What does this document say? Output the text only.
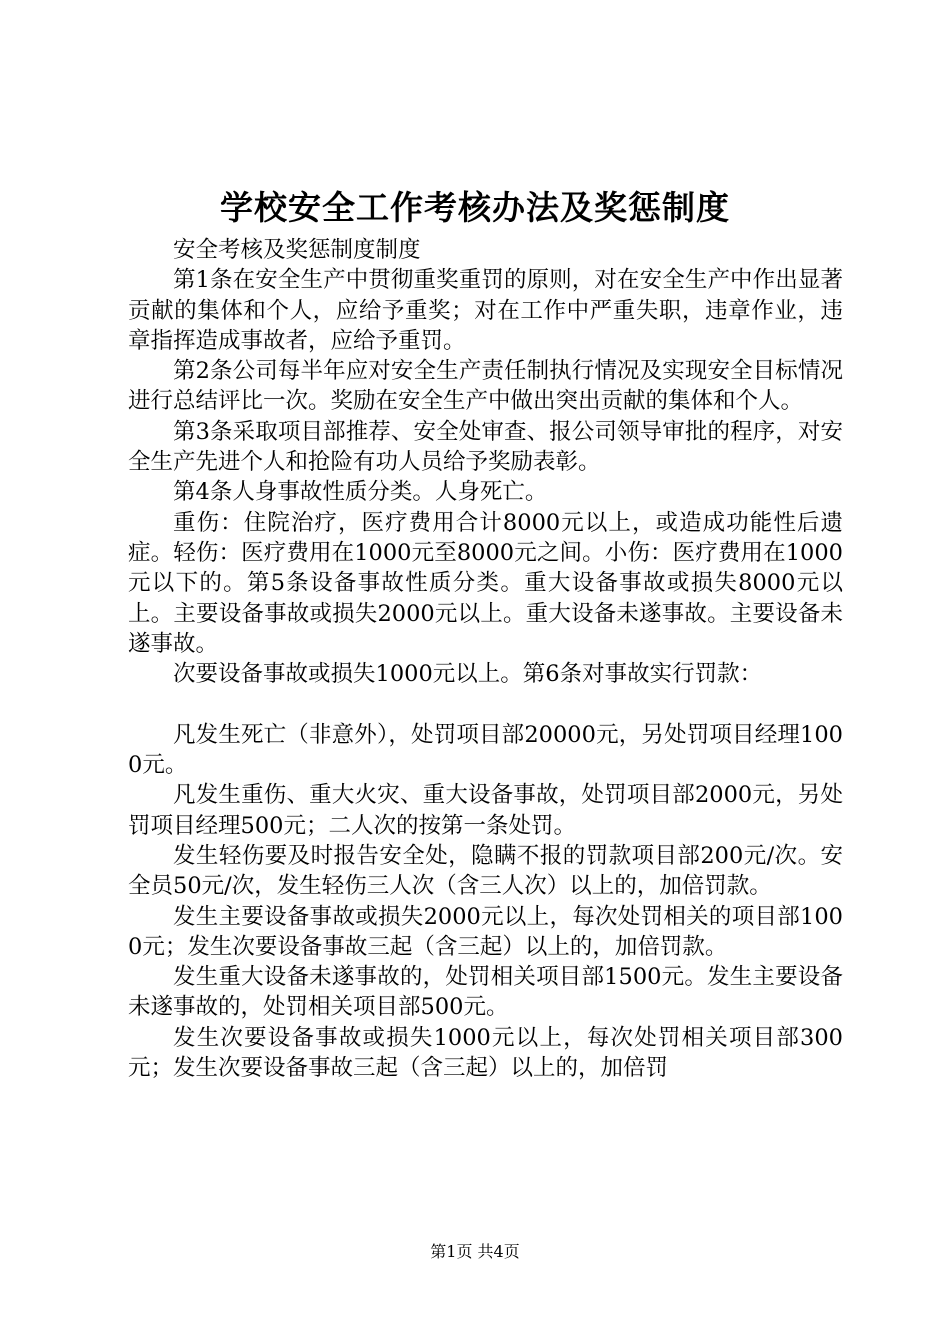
学校安全工作考核办法及奖惩制度

安全考核及奖惩制度制度

第1条在安全生产中贯彻重奖重罚的原则，对在安全生产中作出显著贡献的集体和个人，应给予重奖；对在工作中严重失职，违章作业，违章指挥造成事故者，应给予重罚。

第2条公司每半年应对安全生产责任制执行情况及实现安全目标情况进行总结评比一次。奖励在安全生产中做出突出贡献的集体和个人。

第3条采取项目部推荐、安全处审查、报公司领导审批的程序，对安全生产先进个人和抢险有功人员给予奖励表彰。

第4条人身事故性质分类。人身死亡。

重伤：住院治疗，医疗费用合计8000元以上，或造成功能性后遗症。轻伤：医疗费用在1000元至8000元之间。小伤：医疗费用在1000元以下的。第5条设备事故性质分类。重大设备事故或损失8000元以上。主要设备事故或损失2000元以上。重大设备未遂事故。主要设备未遂事故。

次要设备事故或损失1000元以上。第6条对事故实行罚款：

凡发生死亡（非意外），处罚项目部20000元，另处罚项目经理1000元。

凡发生重伤、重大火灾、重大设备事故，处罚项目部2000元，另处罚项目经理500元；二人次的按第一条处罚。

发生轻伤要及时报告安全处，隐瞒不报的罚款项目部200元/次。安全员50元/次，发生轻伤三人次（含三人次）以上的，加倍罚款。

发生主要设备事故或损失2000元以上，每次处罚相关的项目部1000元；发生次要设备事故三起（含三起）以上的，加倍罚款。

发生重大设备未遂事故的，处罚相关项目部1500元。发生主要设备未遂事故的，处罚相关项目部500元。

发生次要设备事故或损失1000元以上，每次处罚相关项目部300元；发生次要设备事故三起（含三起）以上的，加倍罚

第1页 共4页
